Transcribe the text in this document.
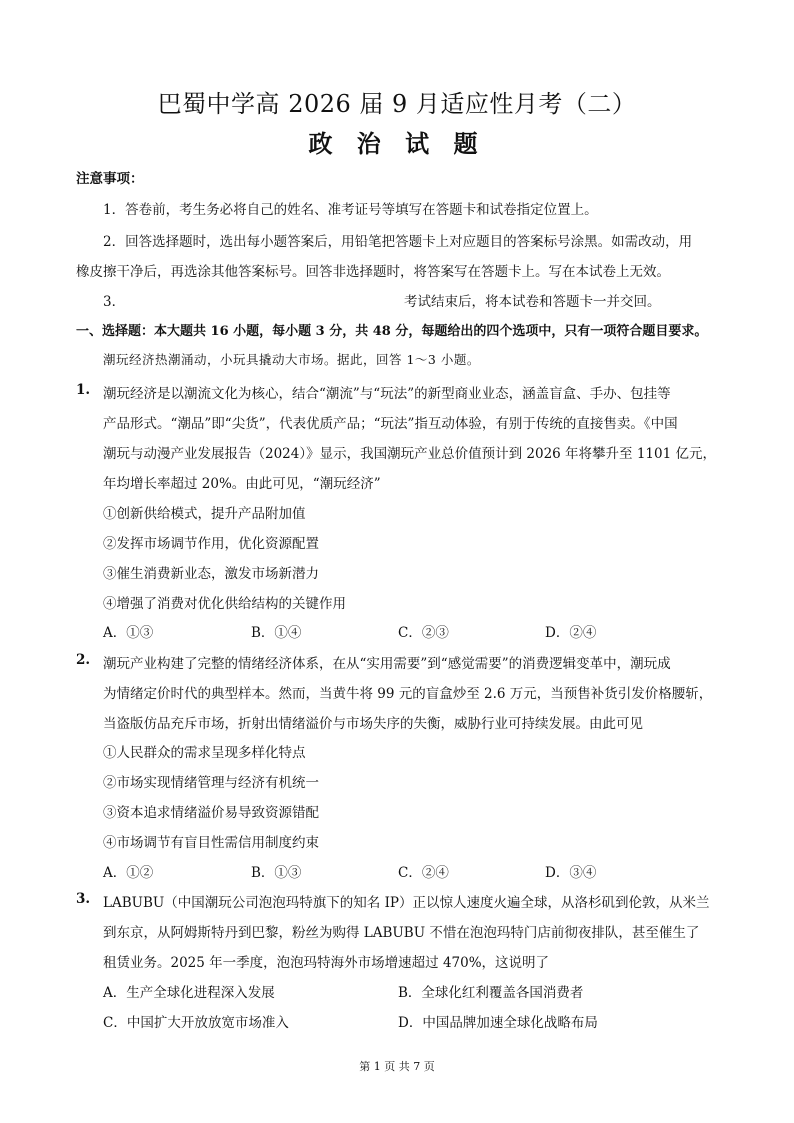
巴蜀中学高 2026 届 9 月适应性月考（二）
政 治 试 题
注意事项：
1．答卷前，考生务必将自己的姓名、准考证号等填写在答题卡和试卷指定位置上。
2．回答选择题时，选出每小题答案后，用铅笔把答题卡上对应题目的答案标号涂黑。如需改动，用
橡皮擦干净后，再选涂其他答案标号。回答非选择题时，将答案写在答题卡上。写在本试卷上无效。
3．	考试结束后，将本试卷和答题卡一并交回。
一、选择题：本大题共 16 小题，每小题 3 分，共 48 分，每题给出的四个选项中，只有一项符合题目要求。
潮玩经济热潮涌动，小玩具撬动大市场。据此，回答 1～3 小题。
1. 潮玩经济是以潮流文化为核心，结合“潮流”与“玩法”的新型商业业态，涵盖盲盒、手办、包挂等
产品形式。“潮品”即“尖货”，代表优质产品；“玩法”指互动体验，有别于传统的直接售卖。《中国
潮玩与动漫产业发展报告（2024）》显示，我国潮玩产业总价值预计到 2026 年将攀升至 1101 亿元，
年均增长率超过 20%。由此可见，“潮玩经济”
①创新供给模式，提升产品附加值
②发挥市场调节作用，优化资源配置
③催生消费新业态，激发市场新潜力
④增强了消费对优化供给结构的关键作用
A．①③	B．①④	C．②③	D．②④
2. 潮玩产业构建了完整的情绪经济体系，在从“实用需要”到“感觉需要”的消费逻辑变革中，潮玩成
为情绪定价时代的典型样本。然而，当黄牛将 99 元的盲盒炒至 2.6 万元，当预售补货引发价格腰斩，
当盗版仿品充斥市场，折射出情绪溢价与市场失序的失衡，威胁行业可持续发展。由此可见
①人民群众的需求呈现多样化特点
②市场实现情绪管理与经济有机统一
③资本追求情绪溢价易导致资源错配
④市场调节有盲目性需信用制度约束
A．①②	B．①③	C．②④	D．③④
3. LABUBU（中国潮玩公司泡泡玛特旗下的知名 IP）正以惊人速度火遍全球，从洛杉矶到伦敦，从米兰
到东京，从阿姆斯特丹到巴黎，粉丝为购得 LABUBU 不惜在泡泡玛特门店前彻夜排队，甚至催生了
租赁业务。2025 年一季度，泡泡玛特海外市场增速超过 470%，这说明了
A．生产全球化进程深入发展	B．全球化红利覆盖各国消费者
C．中国扩大开放放宽市场准入	D．中国品牌加速全球化战略布局
第 1 页 共 7 页
